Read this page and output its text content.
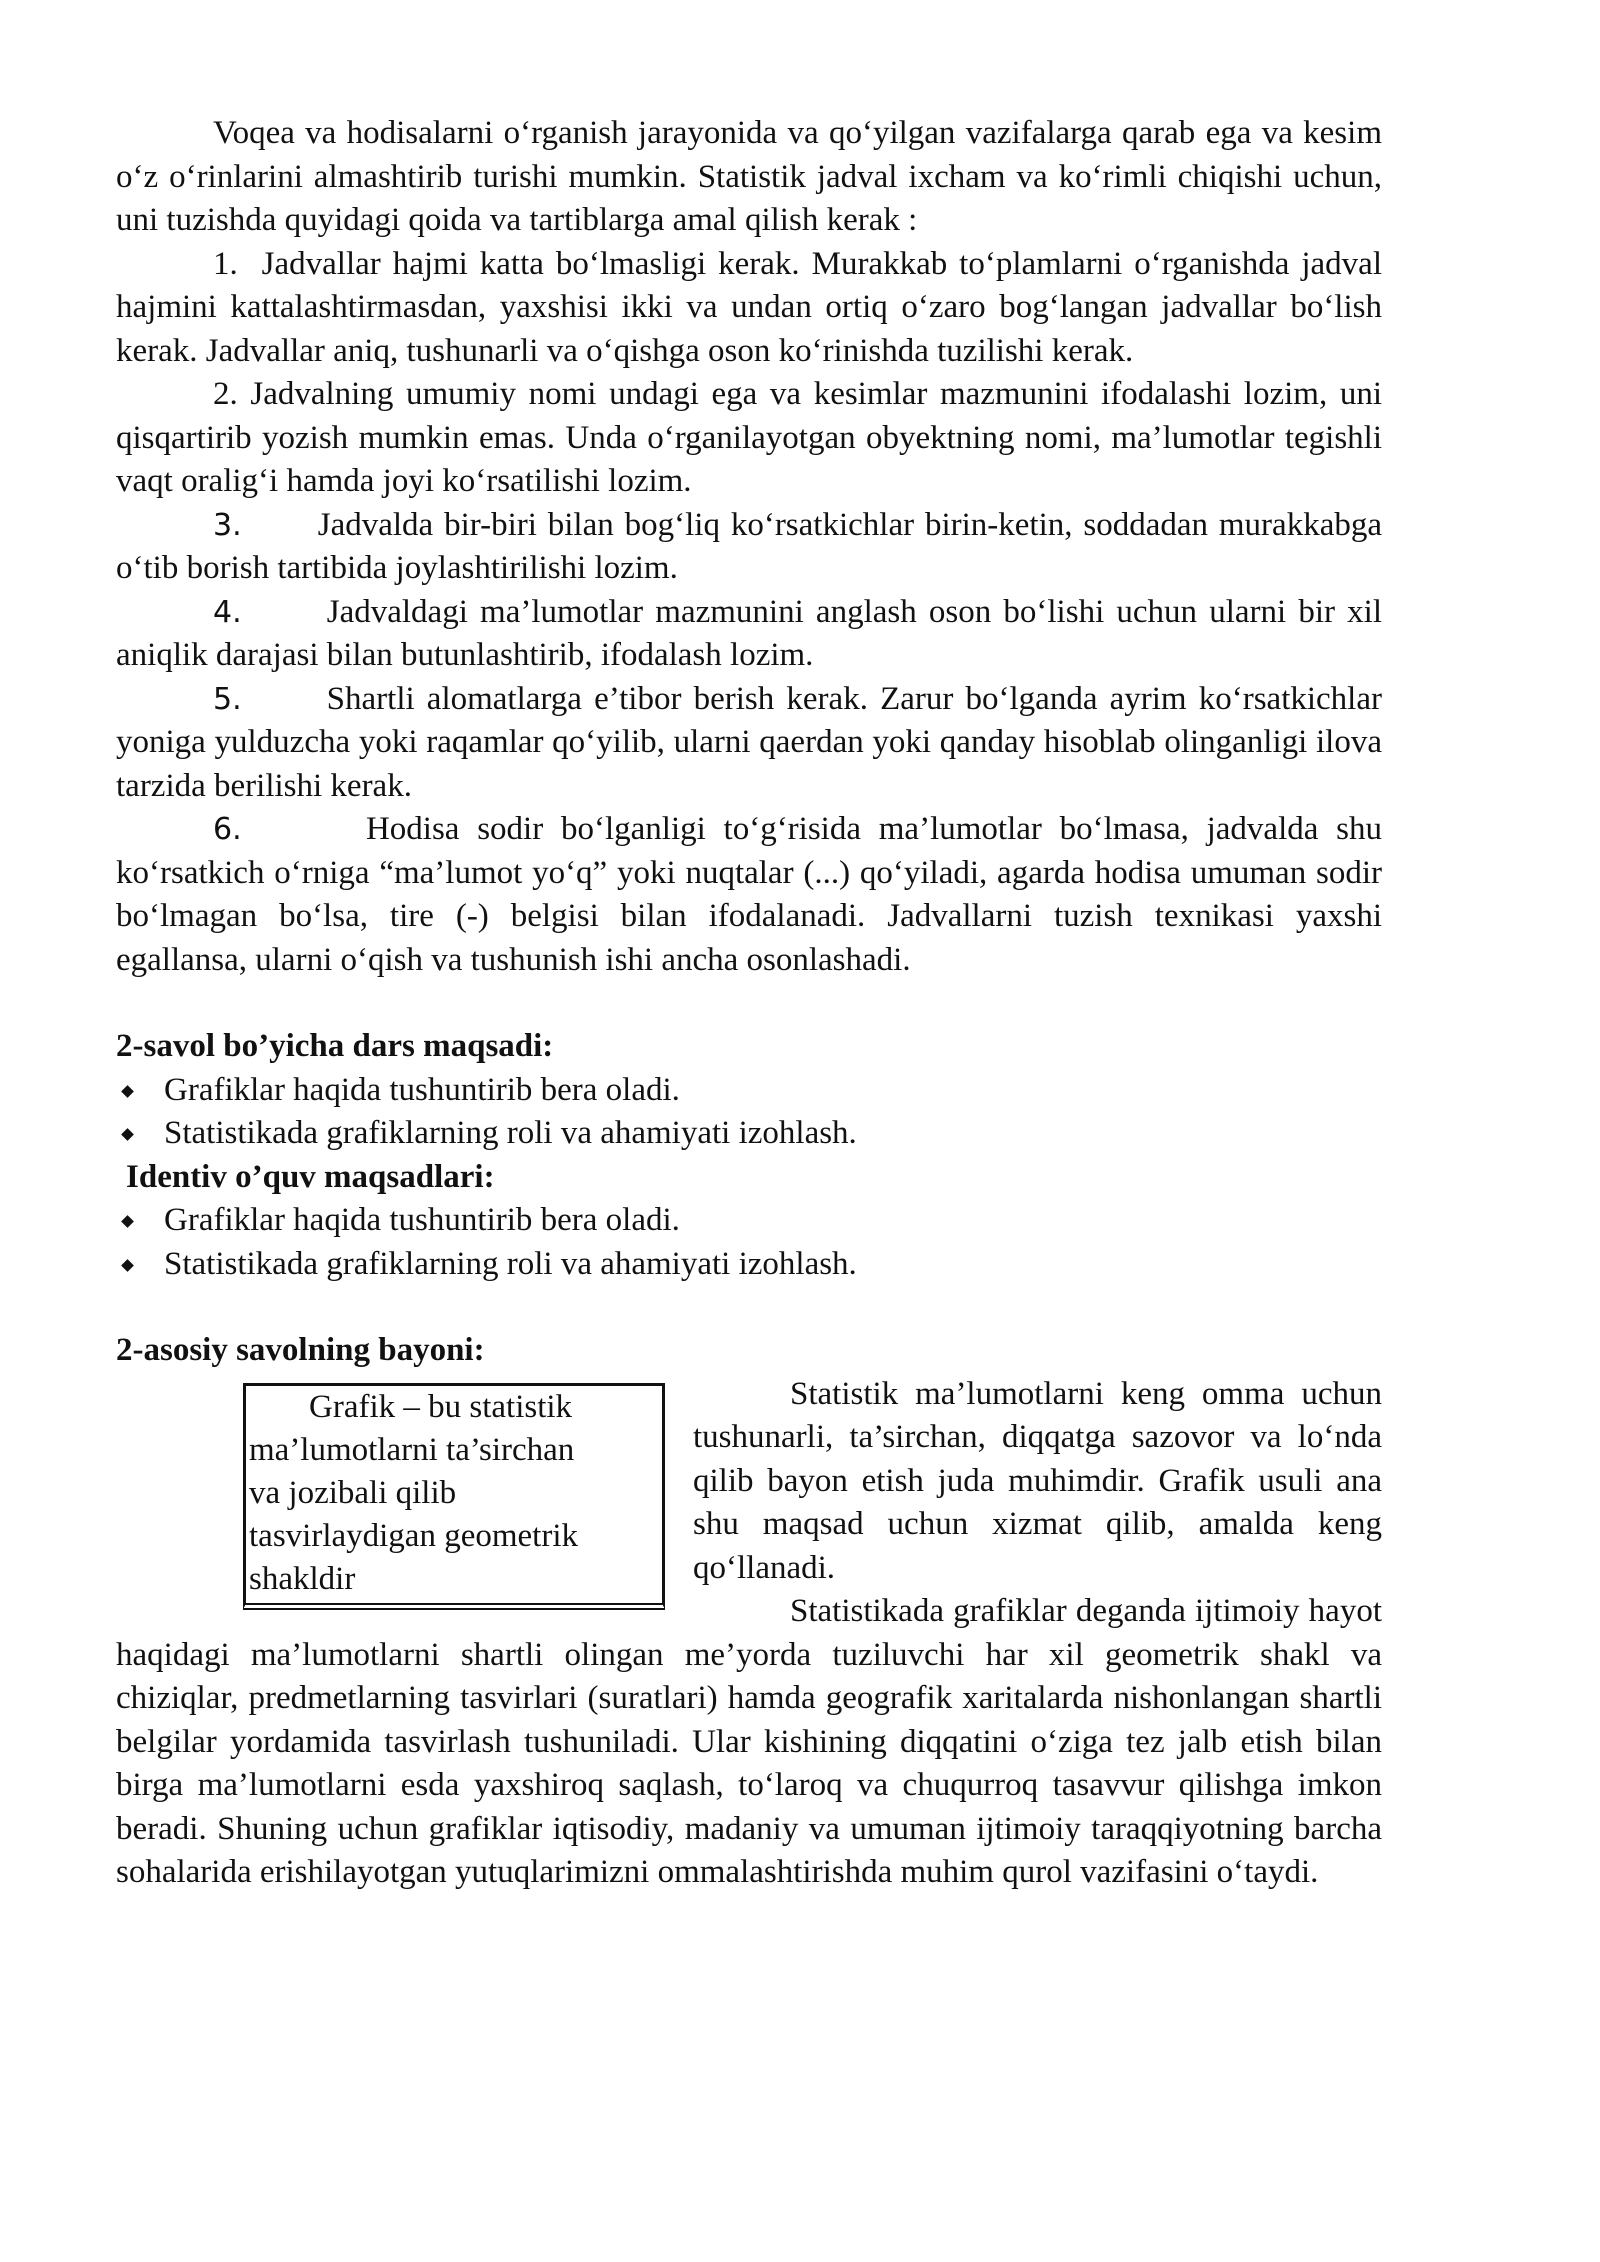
Voqea va hodisalarni oʻrganish jarayonida va qoʻyilgan vazifalarga qarab ega va kesim oʻz oʻrinlarini almashtirib turishi mumkin. Statistik jadval ixcham va koʻrimli chiqishi uchun, uni tuzishda quyidagi qoida va tartiblarga amal qilish kerak :

1. Jadvallar hajmi katta boʻlmasligi kerak. Murakkab toʻplamlarni oʻrganishda jadval hajmini kattalashtirmasdan, yaxshisi ikki va undan ortiq oʻzaro bogʻlangan jadvallar boʻlish kerak. Jadvallar aniq, tushunarli va oʻqishga oson koʻrinishda tuzilishi kerak.

2. Jadvalning umumiy nomi undagi ega va kesimlar mazmunini ifodalashi lozim, uni qisqartirib yozish mumkin emas. Unda oʻrganilayotgan obyektning nomi, ma’lumotlar tegishli vaqt oraligʻi hamda joyi koʻrsatilishi lozim.

3. Jadvalda bir-biri bilan bogʻliq koʻrsatkichlar birin-ketin, soddadan murakkabga oʻtib borish tartibida joylashtirilishi lozim.

4.	Jadvaldagi ma’lumotlar mazmunini anglash oson boʻlishi uchun ularni bir xil aniqlik darajasi bilan butunlashtirib, ifodalash lozim.

5.	Shartli alomatlarga e’tibor berish kerak. Zarur boʻlganda ayrim koʻrsatkichlar yoniga yulduzcha yoki raqamlar qoʻyilib, ularni qaerdan yoki qanday hisoblab olinganligi ilova tarzida berilishi kerak.

6.	Hodisa sodir boʻlganligi toʻgʻrisida ma’lumotlar boʻlmasa, jadvalda shu koʻrsatkich oʻrniga “ma’lumot yoʻq” yoki nuqtalar (...) qoʻyiladi, agarda hodisa umuman sodir boʻlmagan boʻlsa, tire (-) belgisi bilan ifodalanadi. Jadvallarni tuzish texnikasi yaxshi egallansa, ularni oʻqish va tushunish ishi ancha osonlashadi.

2-savol bo’yicha dars maqsadi:

Grafiklar haqida tushuntirib bera oladi.
Statistikada grafiklarning roli va ahamiyati izohlash.

Identiv o’quv maqsadlari:

Grafiklar haqida tushuntirib bera oladi.
Statistikada grafiklarning roli va ahamiyati izohlash.

2-asosiy savolning bayoni:

Grafik – bu statistik
ma’lumotlarni ta’sirchan
va jozibali qilib
tasvirlaydigan geometrik
shakldir

Statistik ma’lumotlarni keng omma uchun tushunarli, ta’sirchan, diqqatga sazovor va loʻnda qilib bayon etish juda muhimdir. Grafik usuli ana shu maqsad uchun xizmat qilib, amalda keng qoʻllanadi.

Statistikada grafiklar deganda ijtimoiy hayot haqidagi ma’lumotlarni shartli olingan me’yorda tuziluvchi har xil geometrik shakl va chiziqlar, predmetlarning tasvirlari (suratlari) hamda geografik xaritalarda nishonlangan shartli belgilar yordamida tasvirlash tushuniladi. Ular kishining diqqatini oʻziga tez jalb etish bilan birga ma’lumotlarni esda yaxshiroq saqlash, toʻlaroq va chuqurroq tasavvur qilishga imkon beradi. Shuning uchun grafiklar iqtisodiy, madaniy va umuman ijtimoiy taraqqiyotning barcha sohalarida erishilayotgan yutuqlarimizni ommalashtirishda muhim qurol vazifasini oʻtaydi.
